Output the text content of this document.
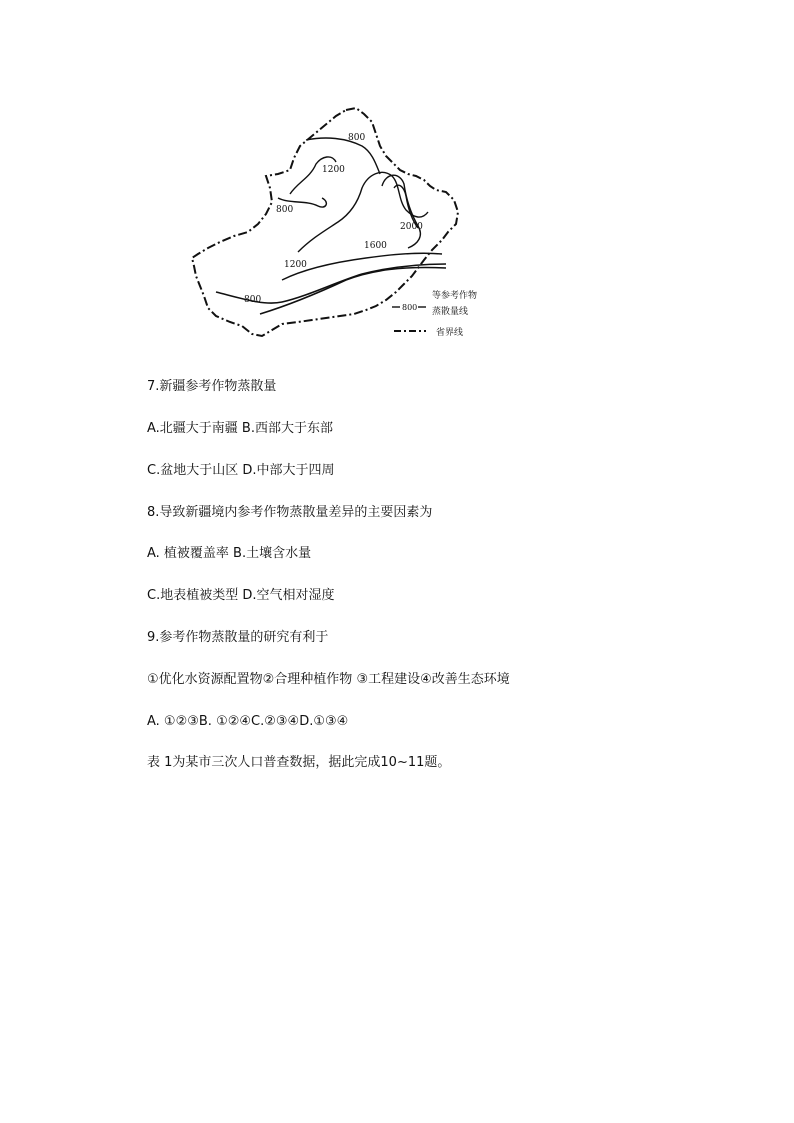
800
1200
800
1200
800
1600
2000
800
等参考作物
蒸散量线
省界线
7.新疆参考作物蒸散量
A.北疆大于南疆 B.西部大于东部
C.盆地大于山区 D.中部大于四周
8.导致新疆境内参考作物蒸散量差异的主要因素为
A. 植被覆盖率 B.土壤含水量
C.地表植被类型 D.空气相对湿度
9.参考作物蒸散量的研究有利于
①优化水资源配置物②合理种植作物 ③工程建设④改善生态环境
A. ①②③B. ①②④C.②③④D.①③④
表 1为某市三次人口普查数据，据此完成10~11题。
